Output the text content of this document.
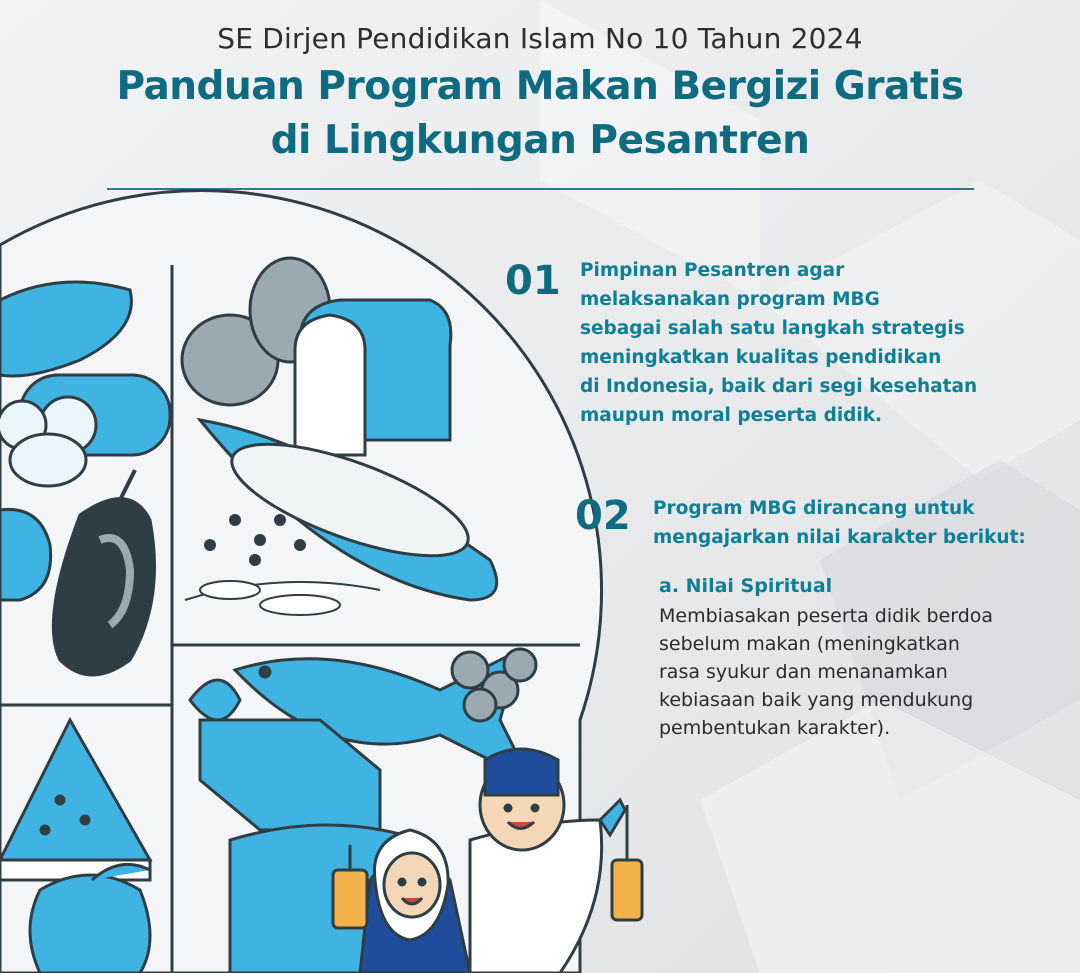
SE Dirjen Pendidikan Islam No 10 Tahun 2024
Panduan Program Makan Bergizi Gratis
di Lingkungan Pesantren
01 Pimpinan Pesantren agar
melaksanakan program MBG
sebagai salah satu langkah strategis
meningkatkan kualitas pendidikan
di Indonesia, baik dari segi kesehatan
maupun moral peserta didik.
02 Program MBG dirancang untuk
mengajarkan nilai karakter berikut:
a. Nilai Spiritual
Membiasakan peserta didik berdoa
sebelum makan (meningkatkan
rasa syukur dan menanamkan
kebiasaan baik yang mendukung
pembentukan karakter).
